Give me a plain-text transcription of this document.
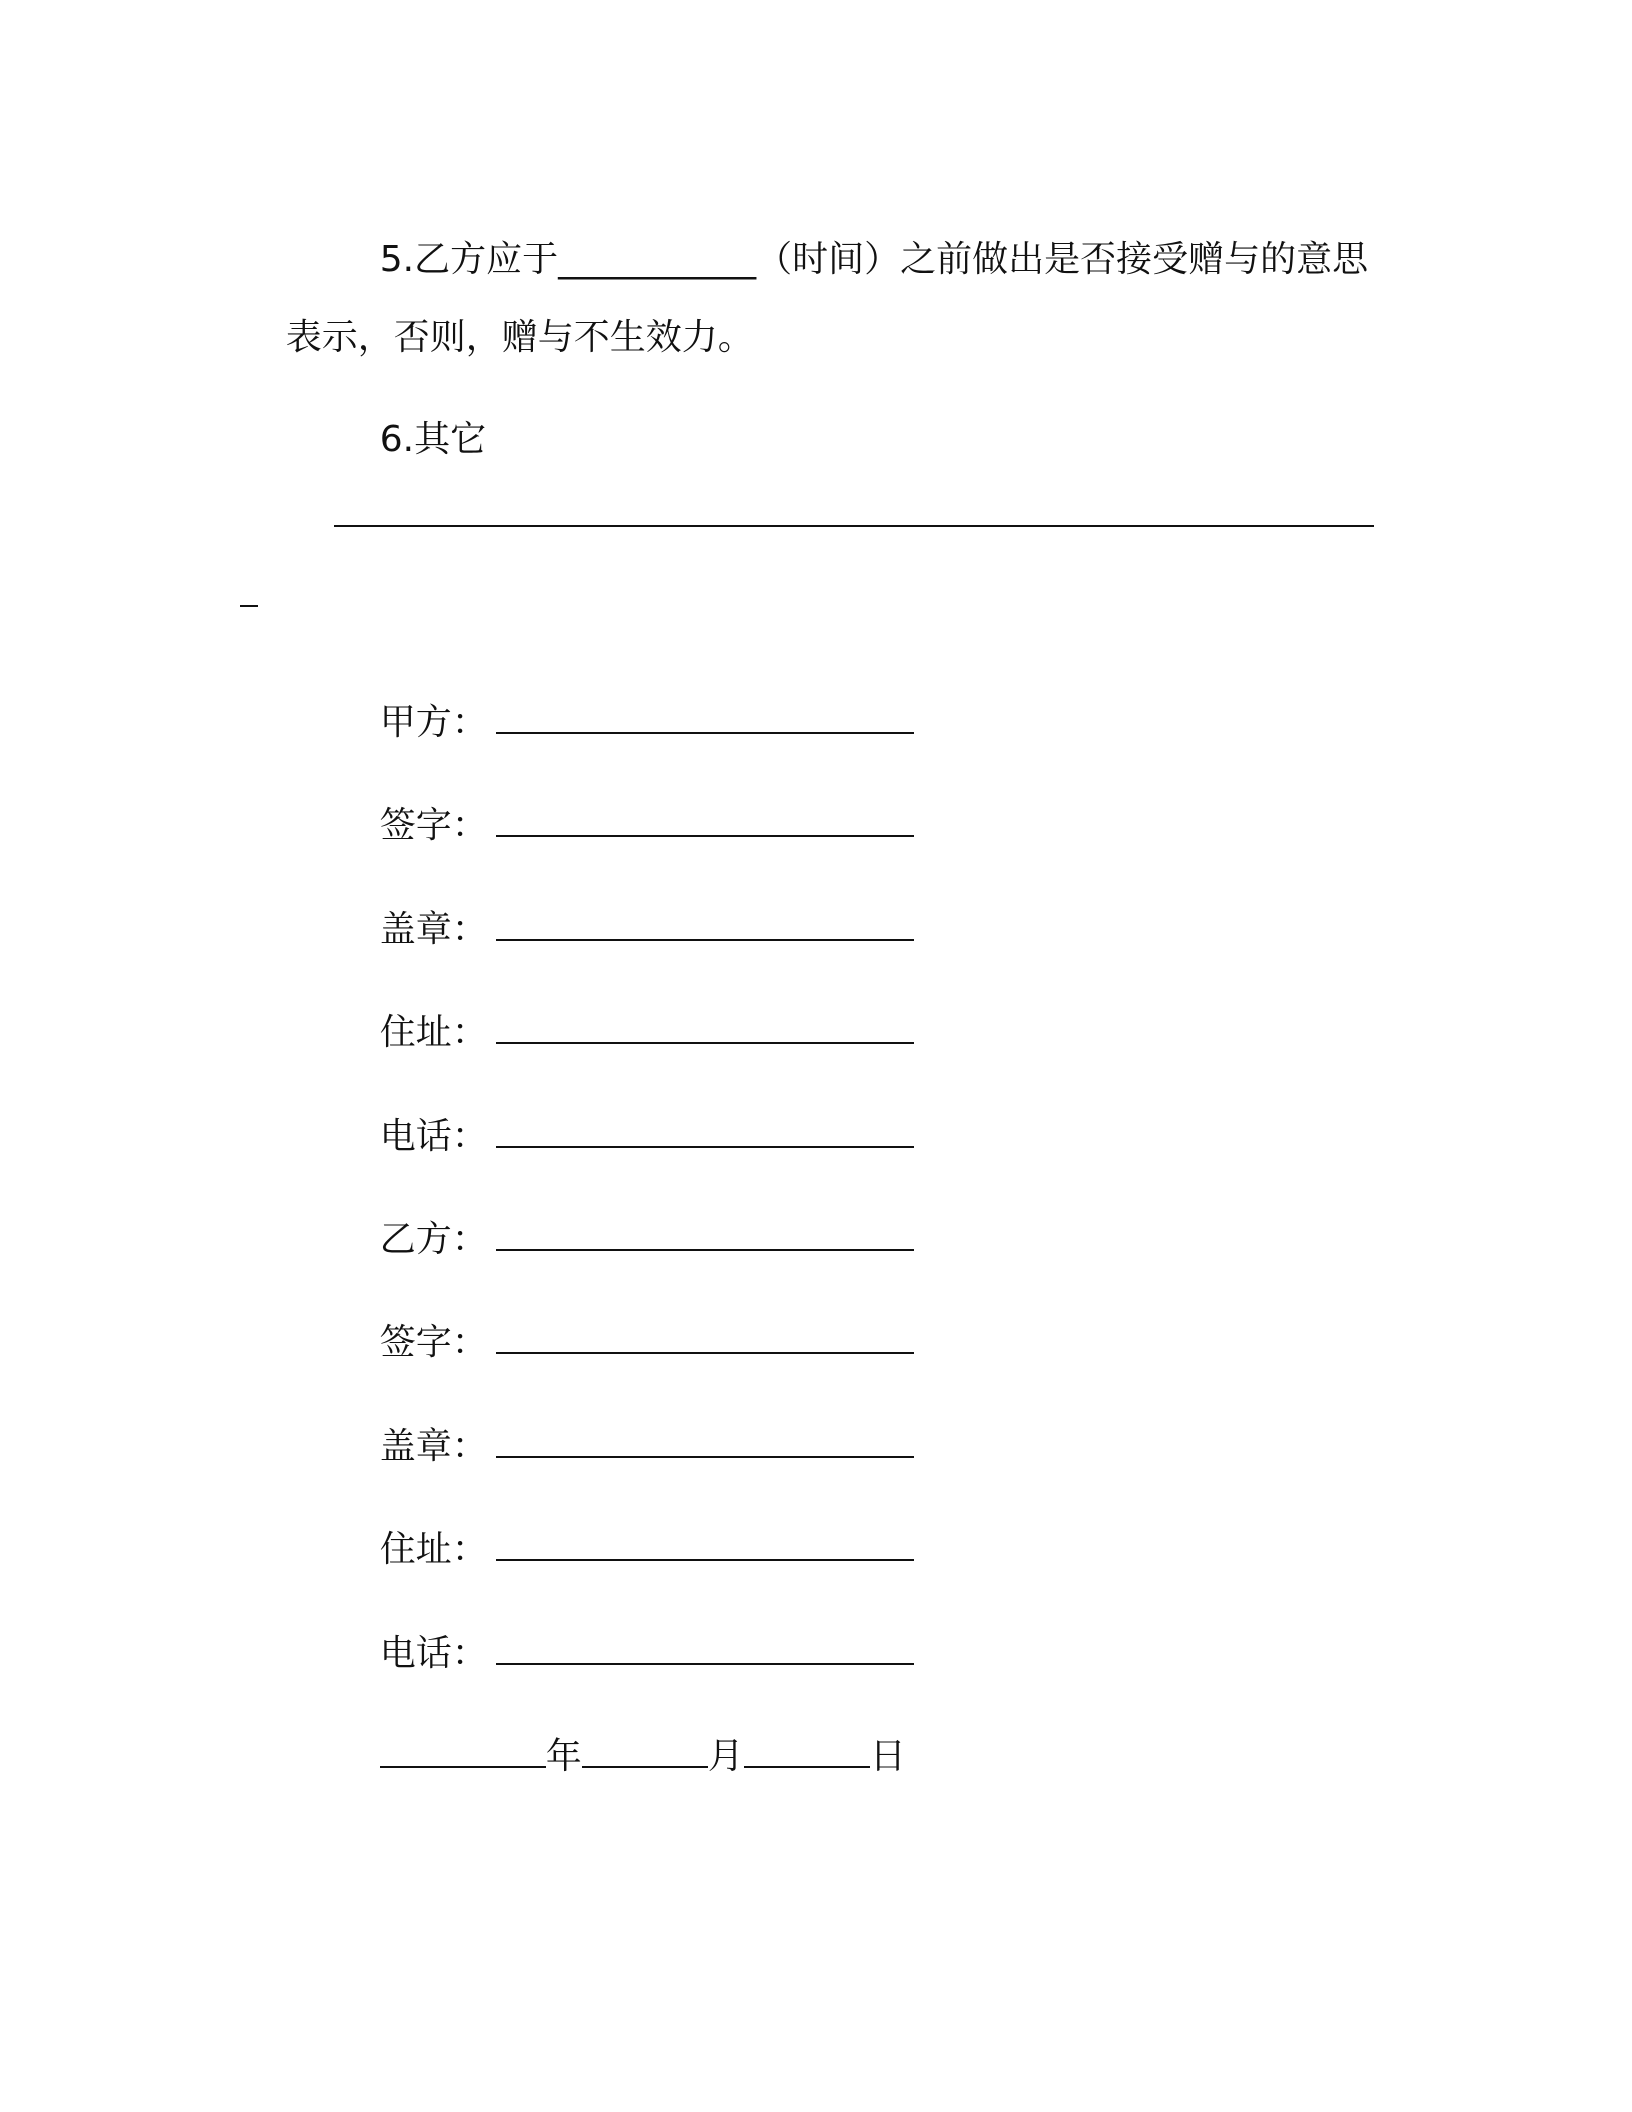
5.乙方应于___________（时间）之前做出是否接受赠与的意思

表示，否则，赠与不生效力。

6.其它

甲方：

签字：

盖章：

住址：

电话：

乙方：

签字：

盖章：

住址：

电话：

年	月	日
